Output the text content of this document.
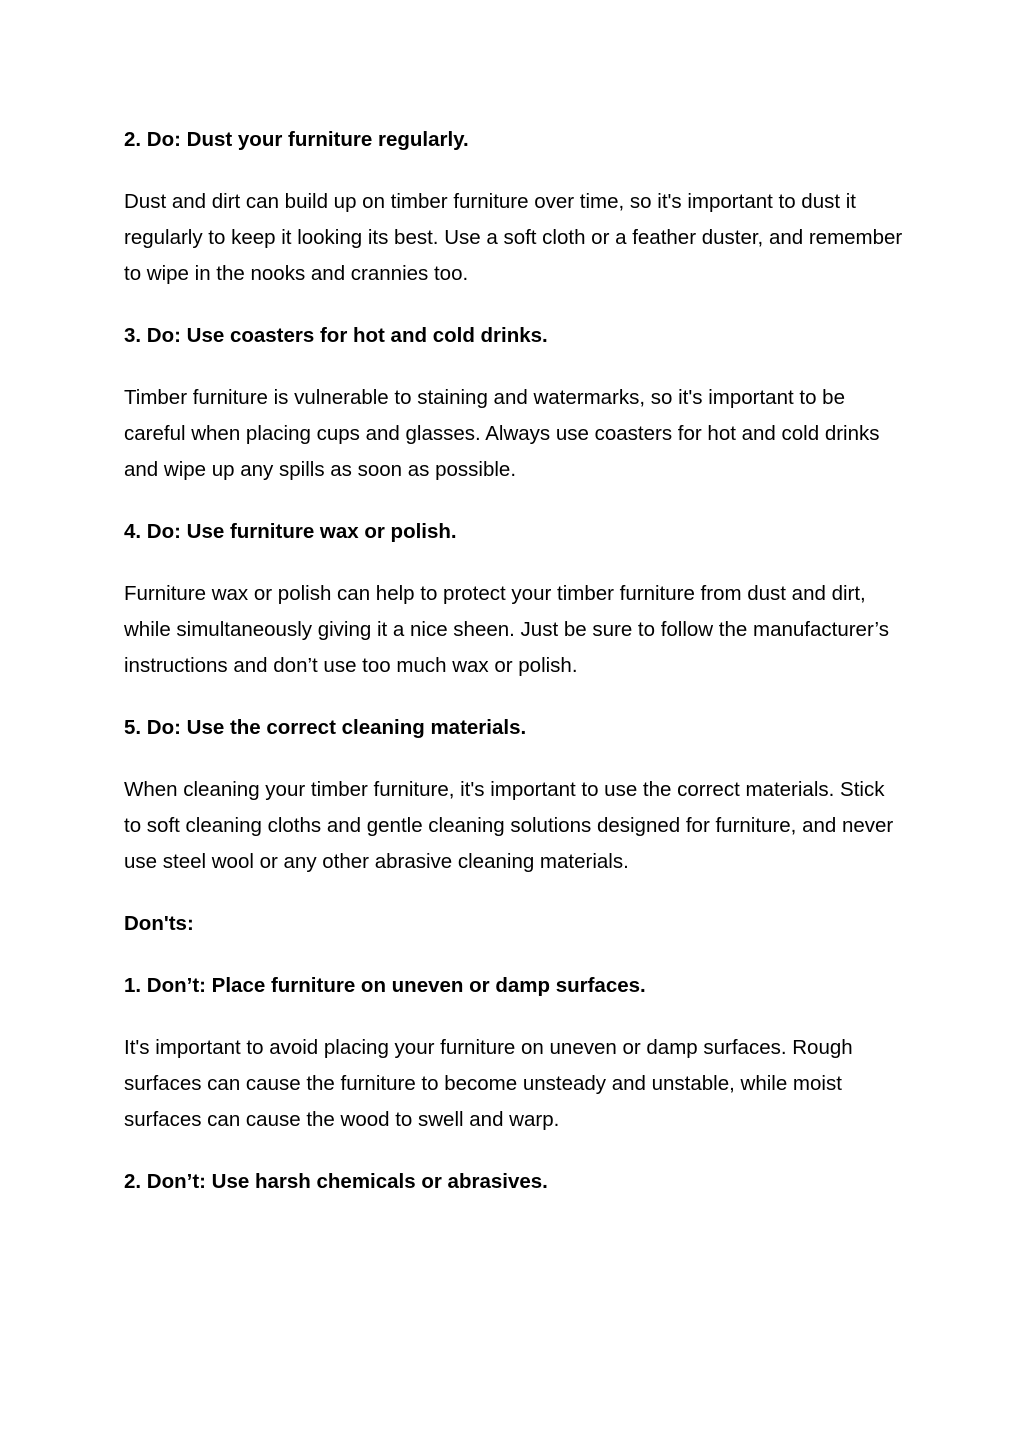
2. Do: Dust your furniture regularly.

Dust and dirt can build up on timber furniture over time, so it's important to dust it regularly to keep it looking its best. Use a soft cloth or a feather duster, and remember to wipe in the nooks and crannies too.

3. Do: Use coasters for hot and cold drinks.

Timber furniture is vulnerable to staining and watermarks, so it's important to be careful when placing cups and glasses. Always use coasters for hot and cold drinks and wipe up any spills as soon as possible.

4. Do: Use furniture wax or polish.

Furniture wax or polish can help to protect your timber furniture from dust and dirt, while simultaneously giving it a nice sheen. Just be sure to follow the manufacturer’s instructions and don’t use too much wax or polish.

5. Do: Use the correct cleaning materials.

When cleaning your timber furniture, it's important to use the correct materials. Stick to soft cleaning cloths and gentle cleaning solutions designed for furniture, and never use steel wool or any other abrasive cleaning materials.

Don'ts:
1. Don’t: Place furniture on uneven or damp surfaces.

It's important to avoid placing your furniture on uneven or damp surfaces. Rough surfaces can cause the furniture to become unsteady and unstable, while moist surfaces can cause the wood to swell and warp.

2. Don’t: Use harsh chemicals or abrasives.
